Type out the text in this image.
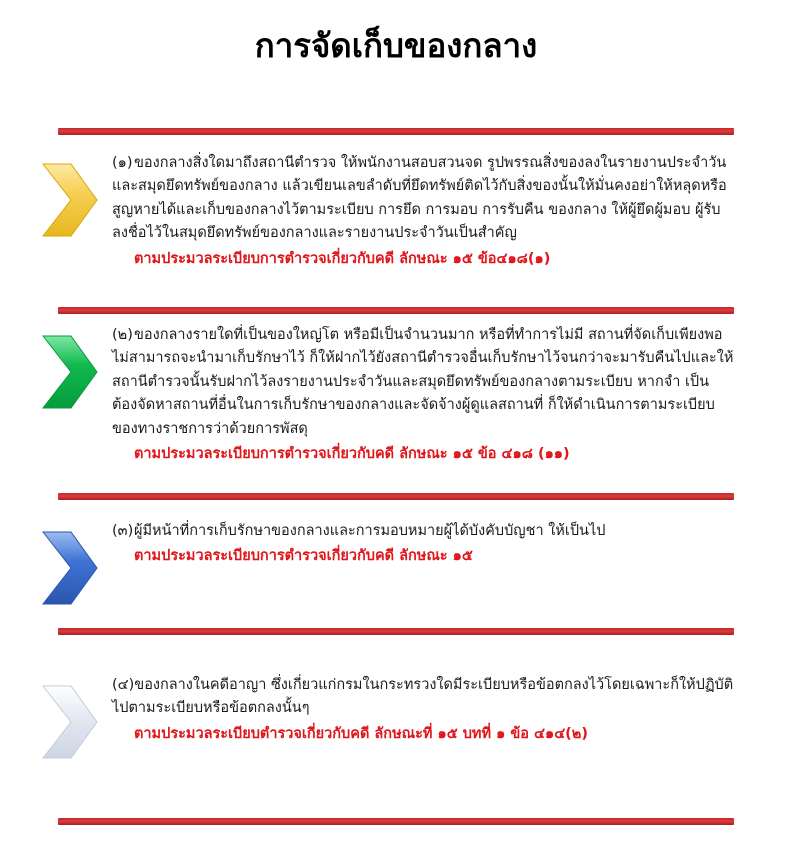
การจัดเก็บของกลาง
(๑)ของกลางสิ่งใดมาถึงสถานีตำรวจ ให้พนักงานสอบสวนจด รูปพรรณสิ่งของลงในรายงานประจำวันและสมุดยึดทรัพย์ของกลาง แล้วเขียนเลขลำดับที่ยึดทรัพย์ติดไว้กับสิ่งของนั้นให้มั่นคงอย่าให้หลุดหรือสูญหายได้และเก็บของกลางไว้ตามระเบียบ การยึด การมอบ การรับคืน ของกลาง ให้ผู้ยึดผู้มอบ ผู้รับ ลงชื่อไว้ในสมุดยึดทรัพย์ของกลางและรายงานประจำวันเป็นสำคัญ
ตามประมวลระเบียบการตำรวจเกี่ยวกับคดี ลักษณะ ๑๕ ข้อ๔๑๘(๑)
(๒)ของกลางรายใดที่เป็นของใหญ่โต หรือมีเป็นจำนวนมาก หรือที่ทำการไม่มี สถานที่จัดเก็บเพียงพอ ไม่สามารถจะนำมาเก็บรักษาไว้ ก็ให้ฝากไว้ยังสถานีตำรวจอื่นเก็บรักษาไว้จนกว่าจะมารับคืนไปและให้สถานีตำรวจนั้นรับฝากไว้ลงรายงานประจำวันและสมุดยึดทรัพย์ของกลางตามระเบียบ หากจำ เป็นต้องจัดหาสถานที่อื่นในการเก็บรักษาของกลางและจัดจ้างผู้ดูแลสถานที่ ก็ให้ดำเนินการตามระเบียบของทางราชการว่าด้วยการพัสดุ
ตามประมวลระเบียบการตำรวจเกี่ยวกับคดี ลักษณะ ๑๕ ข้อ ๔๑๘ (๑๑)
(๓)ผู้มีหน้าที่การเก็บรักษาของกลางและการมอบหมายผู้ได้บังคับบัญชา ให้เป็นไป
ตามประมวลระเบียบการตำรวจเกี่ยวกับคดี ลักษณะ ๑๕
(๔)ของกลางในคดีอาญา ซึ่งเกี่ยวแก่กรมในกระทรวงใดมีระเบียบหรือข้อตกลงไว้โดยเฉพาะก็ให้ปฏิบัติไปตามระเบียบหรือข้อตกลงนั้นๆ
ตามประมวลระเบียบตำรวจเกี่ยวกับคดี ลักษณะที่ ๑๕ บทที่ ๑ ข้อ ๔๑๔(๒)
